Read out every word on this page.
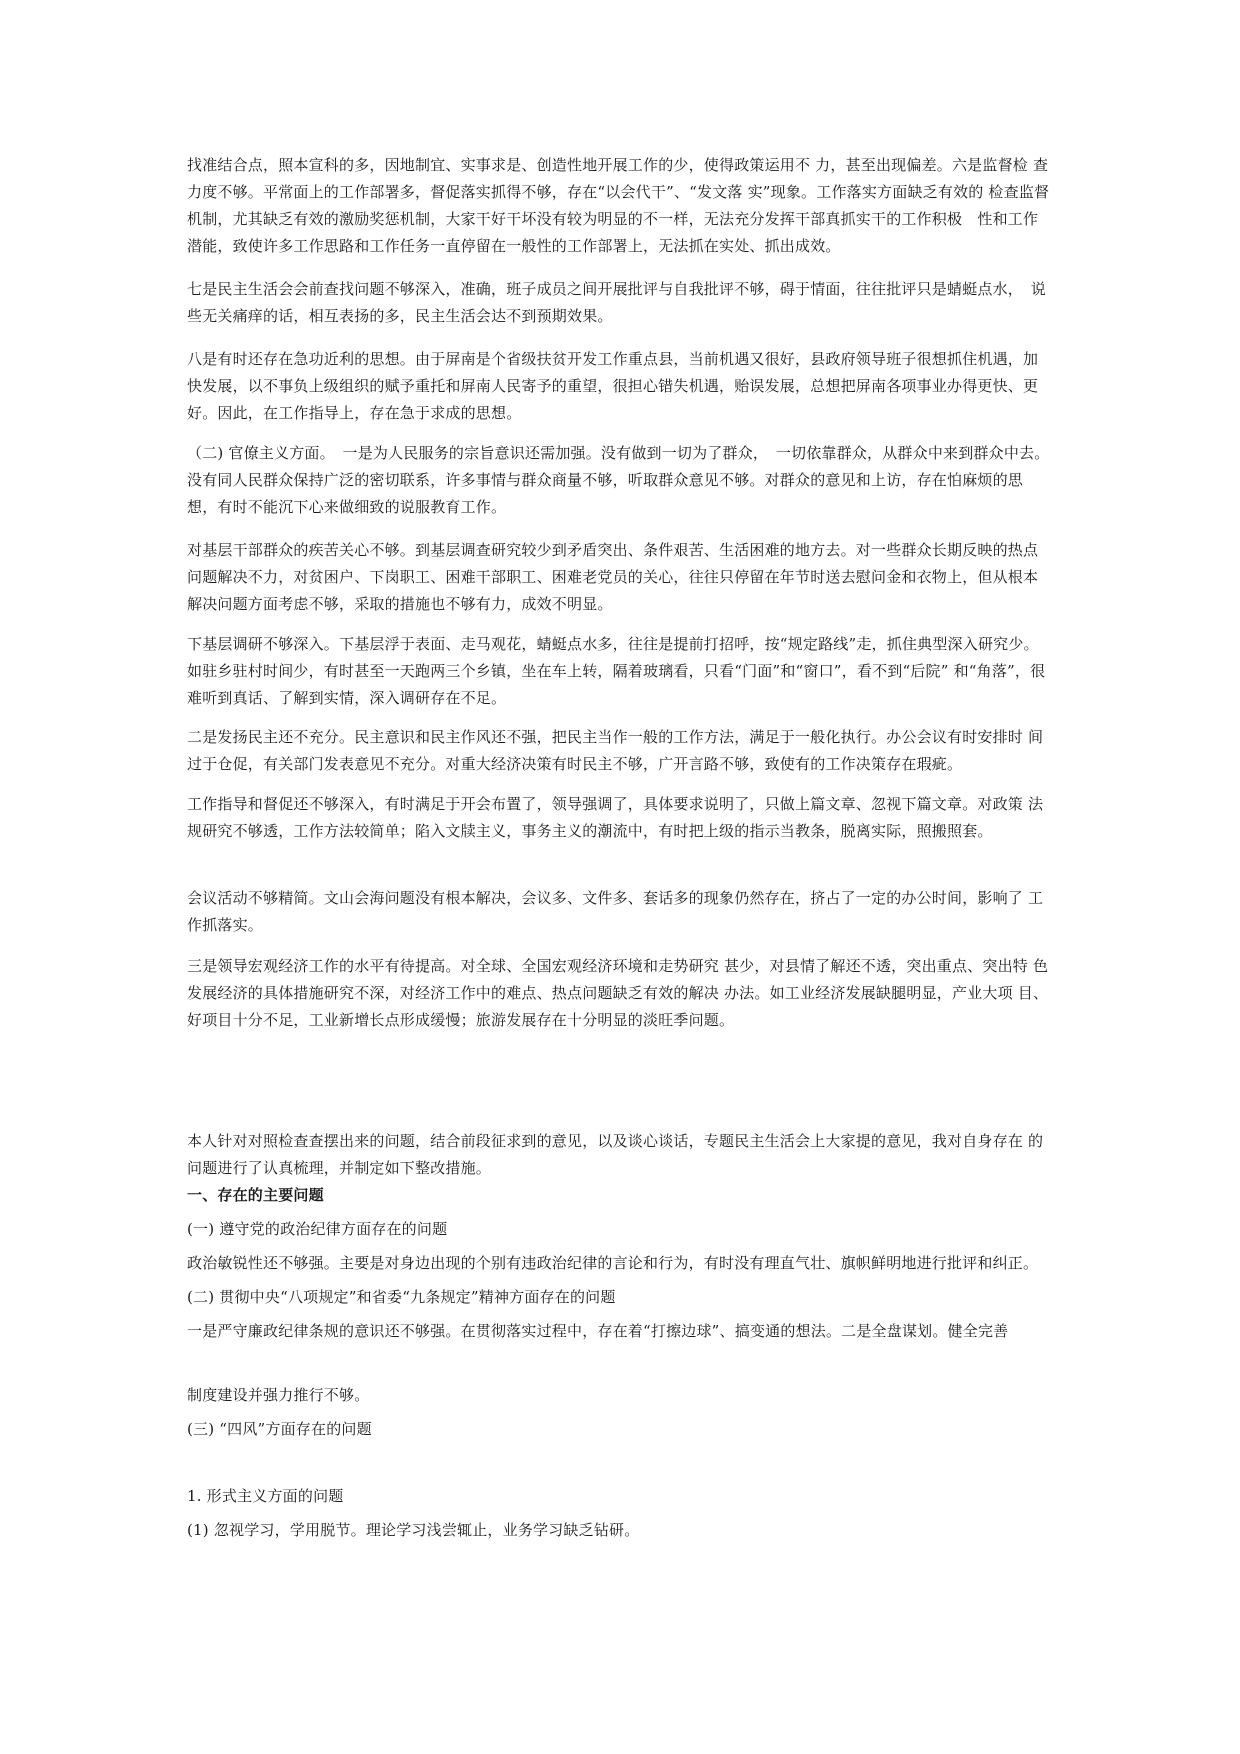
找准结合点，照本宣科的多，因地制宜、实事求是、创造性地开展工作的少，使得政策运用不 力，甚至出现偏差。六是监督检 查力度不够。平常面上的工作部署多，督促落实抓得不够，存在“以会代干”、“发文落 实”现象。工作落实方面缺乏有效的 检查监督机制，尤其缺乏有效的激励奖惩机制，大家干好干坏没有较为明显的不一样，无法充分发挥干部真抓实干的工作积极　性和工作潜能，致使许多工作思路和工作任务一直停留在一般性的工作部署上，无法抓在实处、抓出成效。

七是民主生活会会前查找问题不够深入，准确，班子成员之间开展批评与自我批评不够，碍于情面，往往批评只是蜻蜓点水，　说些无关痛痒的话，相互表扬的多，民主生活会达不到预期效果。

八是有时还存在急功近利的思想。由于屏南是个省级扶贫开发工作重点县，当前机遇又很好，县政府领导班子很想抓住机遇，加快发展，以不事负上级组织的赋予重托和屏南人民寄予的重望，很担心错失机遇，贻误发展，总想把屏南各项事业办得更快、更好。因此，在工作指导上，存在急于求成的思想。

（二) 官僚主义方面。　一是为人民服务的宗旨意识还需加强。没有做到一切为了群众，　一切依靠群众，从群众中来到群众中去。 没有同人民群众保持广泛的密切联系，许多事情与群众商量不够，听取群众意见不够。对群众的意见和上访，存在怕麻烦的思　想，有时不能沉下心来做细致的说服教育工作。

对基层干部群众的疾苦关心不够。到基层调查研究较少到矛盾突出、条件艰苦、生活困难的地方去。对一些群众长期反映的热点问题解决不力，对贫困户、下岗职工、困难干部职工、困难老党员的关心，往往只停留在年节时送去慰问金和衣物上，但从根本解决问题方面考虑不够，采取的措施也不够有力，成效不明显。

下基层调研不够深入。下基层浮于表面、走马观花，蜻蜓点水多，往往是提前打招呼，按“规定路线”走，抓住典型深入研究少。如驻乡驻村时间少，有时甚至一天跑两三个乡镇，坐在车上转，隔着玻璃看，只看“门面”和“窗口”，看不到“后院” 和“角落”，很难听到真话、了解到实情，深入调研存在不足。

二是发扬民主还不充分。民主意识和民主作风还不强，把民主当作一般的工作方法，满足于一般化执行。办公会议有时安排时 间过于仓促，有关部门发表意见不充分。对重大经济决策有时民主不够，广开言路不够，致使有的工作决策存在瑕疵。

工作指导和督促还不够深入，有时满足于开会布置了，领导强调了，具体要求说明了，只做上篇文章、忽视下篇文章。对政策 法规研究不够透，工作方法较简单；陷入文牍主义，事务主义的潮流中，有时把上级的指示当教条，脱离实际，照搬照套。

会议活动不够精简。文山会海问题没有根本解决，会议多、文件多、套话多的现象仍然存在，挤占了一定的办公时间，影响了 工作抓落实。

三是领导宏观经济工作的水平有待提高。对全球、全国宏观经济环境和走势研究 甚少，对县情了解还不透，突出重点、突出特 色发展经济的具体措施研究不深，对经济工作中的难点、热点问题缺乏有效的解决 办法。如工业经济发展缺腿明显，产业大项 目、好项目十分不足，工业新增长点形成缓慢；旅游发展存在十分明显的淡旺季问题。

本人针对对照检查查摆出来的问题，结合前段征求到的意见，以及谈心谈话，专题民主生活会上大家提的意见，我对自身存在 的问题进行了认真梳理，并制定如下整改措施。

一、存在的主要问题

(一) 遵守党的政治纪律方面存在的问题

政治敏锐性还不够强。主要是对身边出现的个别有违政治纪律的言论和行为，有时没有理直气壮、旗帜鲜明地进行批评和纠正。

(二) 贯彻中央“八项规定”和省委“九条规定”精神方面存在的问题

一是严守廉政纪律条规的意识还不够强。在贯彻落实过程中，存在着“打擦边球”、搞变通的想法。二是全盘谋划。健全完善

制度建设并强力推行不够。

(三) “四风”方面存在的问题

1. 形式主义方面的问题

(1) 忽视学习，学用脱节。理论学习浅尝辄止，业务学习缺乏钻研。
